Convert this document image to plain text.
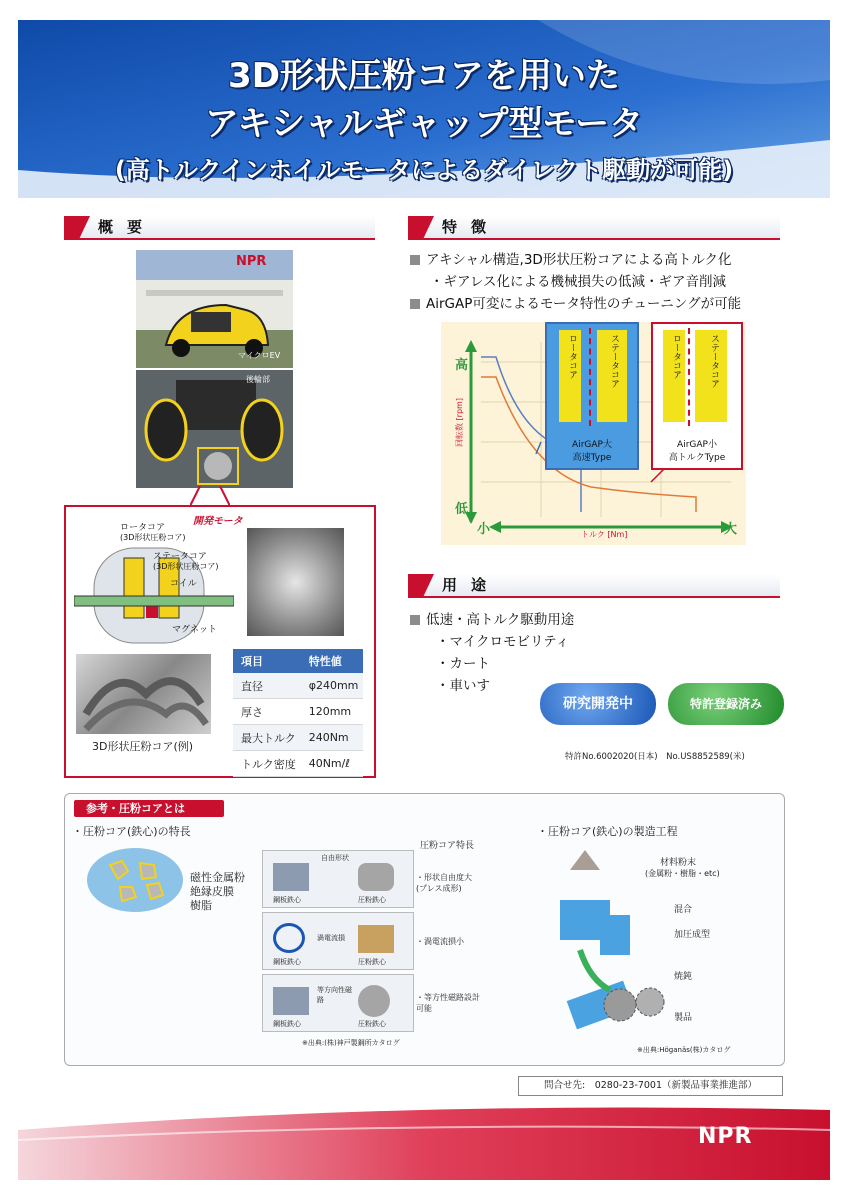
3D形状圧粉コアを用いた
アキシャルギャップ型モータ
(高トルクインホイルモータによるダイレクト駆動が可能)
概要
NPR
マイクロEV
後輪部
開発モータ
ロータコア
(3D形状圧粉コア)
ステータコア
(3D形状圧粉コア)
コイル
マグネット
3D形状圧粉コア(例)
項目	特性値
直径	φ240mm
厚さ	120mm
最大トルク	240Nm
トルク密度	40Nm/ℓ
特徴
アキシャル構造,3D形状圧粉コアによる高トルク化
・ギアレス化による機械損失の低減・ギア音削減
AirGAP可変によるモータ特性のチューニングが可能
高
低
回転数 [rpm]
小	大
トルク [Nm]
ロータコア	ステータコア
AirGAP大
高速Type
ロータコア	ステータコア
AirGAP小
高トルクType
用途
低速・高トルク駆動用途
・マイクロモビリティ
・カート
・車いす
研究開発中	特許登録済み
特許No.6002020(日本)　No.US8852589(米)
参考・圧粉コアとは
・圧粉コア(鉄心)の特長
磁性金属粉
絶縁皮膜
樹脂
圧粉コア特長
自由形状
鋼板鉄心	圧粉鉄心
渦電流損
鋼板鉄心	圧粉鉄心
等方向性磁路
鋼板鉄心	圧粉鉄心
・形状自由度大(プレス成形)
・渦電流損小
・等方性磁路設計可能
※出典:(株)神戸製鋼所カタログ
・圧粉コア(鉄心)の製造工程
材料粉末
(金属粉・樹脂・etc)
混合
加圧成型
焼鈍
製品
※出典:Höganäs(株)カタログ
問合せ先:　0280-23-7001（新製品事業推進部）
NPR
